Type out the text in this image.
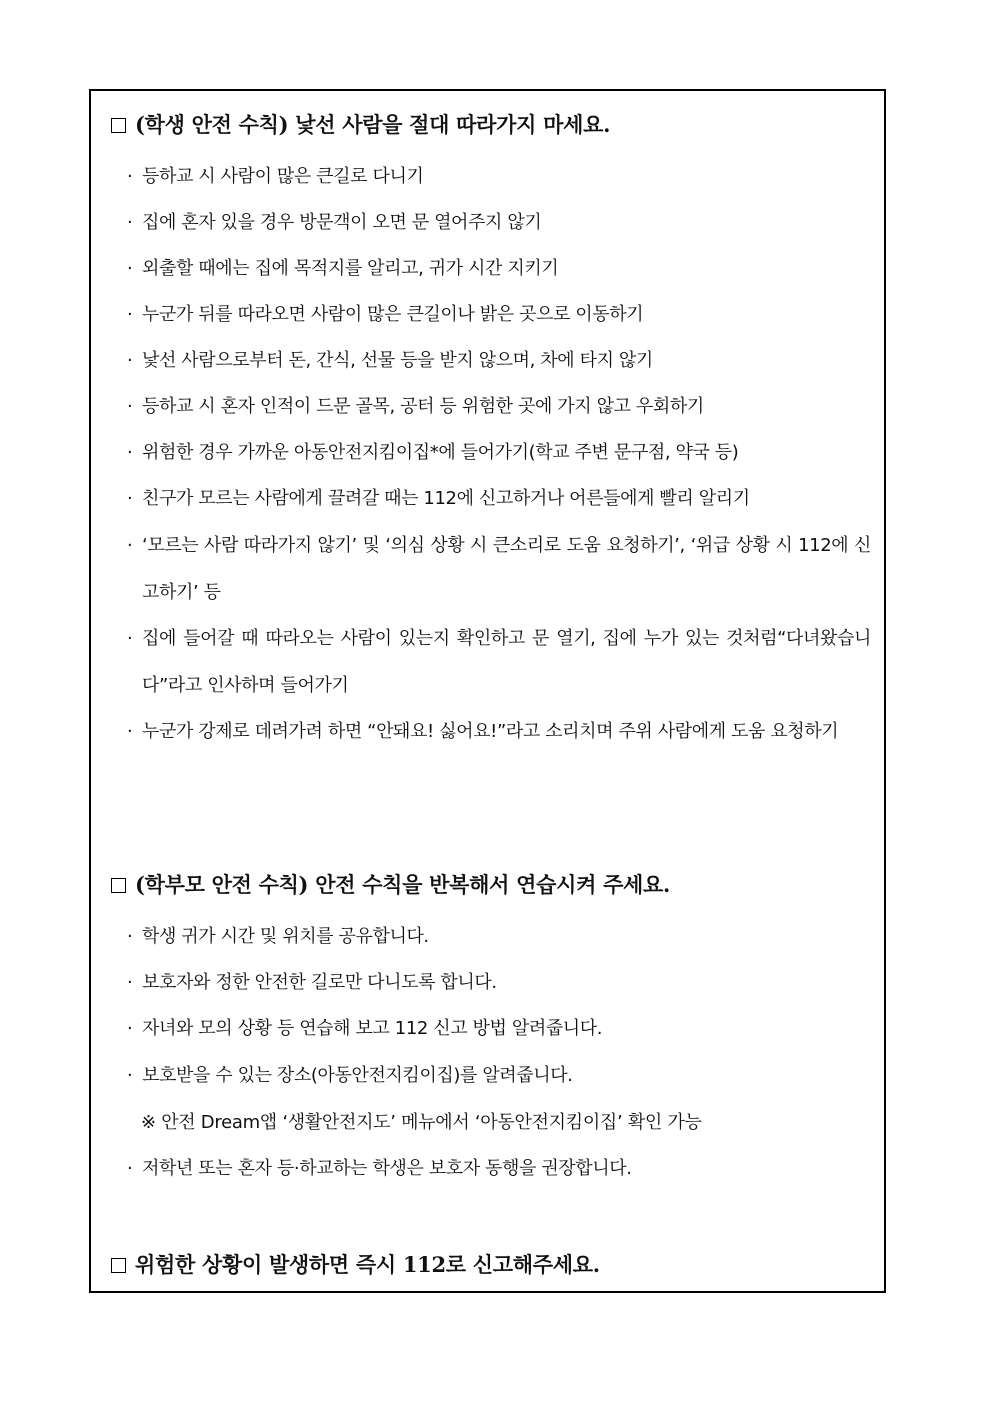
(학생 안전 수칙) 낯선 사람을 절대 따라가지 마세요.
· 등하교 시 사람이 많은 큰길로 다니기
· 집에 혼자 있을 경우 방문객이 오면 문 열어주지 않기
· 외출할 때에는 집에 목적지를 알리고, 귀가 시간 지키기
· 누군가 뒤를 따라오면 사람이 많은 큰길이나 밝은 곳으로 이동하기
· 낯선 사람으로부터 돈, 간식, 선물 등을 받지 않으며, 차에 타지 않기
· 등하교 시 혼자 인적이 드문 골목, 공터 등 위험한 곳에 가지 않고 우회하기
· 위험한 경우 가까운 아동안전지킴이집*에 들어가기(학교 주변 문구점, 약국 등)
· 친구가 모르는 사람에게 끌려갈 때는 112에 신고하거나 어른들에게 빨리 알리기
· ‘모르는 사람 따라가지 않기’ 및 ‘의심 상황 시 큰소리로 도움 요청하기’, ‘위급 상황 시 112에 신고하기’ 등
· 집에 들어갈 때 따라오는 사람이 있는지 확인하고 문 열기, 집에 누가 있는 것처럼“다녀왔습니다”라고 인사하며 들어가기
· 누군가 강제로 데려가려 하면 “안돼요! 싫어요!”라고 소리치며 주위 사람에게 도움 요청하기
(학부모 안전 수칙) 안전 수칙을 반복해서 연습시켜 주세요.
· 학생 귀가 시간 및 위치를 공유합니다.
· 보호자와 정한 안전한 길로만 다니도록 합니다.
· 자녀와 모의 상황 등 연습해 보고 112 신고 방법 알려줍니다.
· 보호받을 수 있는 장소(아동안전지킴이집)를 알려줍니다.
※ 안전 Dream앱 ‘생활안전지도’ 메뉴에서 ‘아동안전지킴이집’ 확인 가능
· 저학년 또는 혼자 등·하교하는 학생은 보호자 동행을 권장합니다.
위험한 상황이 발생하면 즉시 112로 신고해주세요.
